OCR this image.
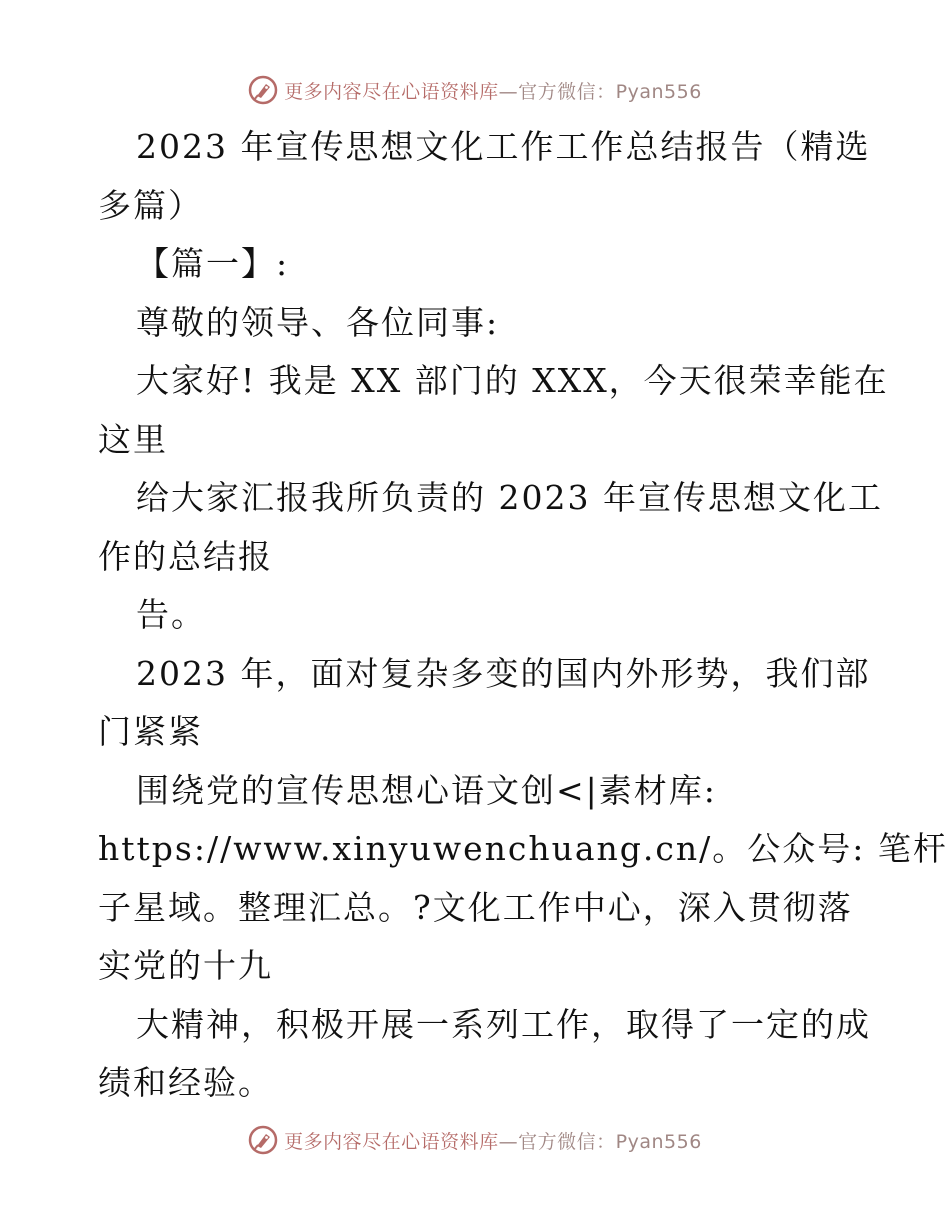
更多内容尽在心语资料库—官方微信：Pyan556

2023 年宣传思想文化工作工作总结报告（精选

多篇）

【篇一】:

尊敬的领导、各位同事:

大家好! 我是 XX 部门的 XXX，今天很荣幸能在

这里

给大家汇报我所负责的 2023 年宣传思想文化工

作的总结报

告。

2023 年，面对复杂多变的国内外形势，我们部

门紧紧

围绕党的宣传思想心语文创<|素材库:

https://www.xinyuwenchuang.cn/。公众号: 笔杆

子星域。整理汇总。?文化工作中心，深入贯彻落

实党的十九

大精神，积极开展一系列工作，取得了一定的成

绩和经验。

更多内容尽在心语资料库—官方微信：Pyan556
